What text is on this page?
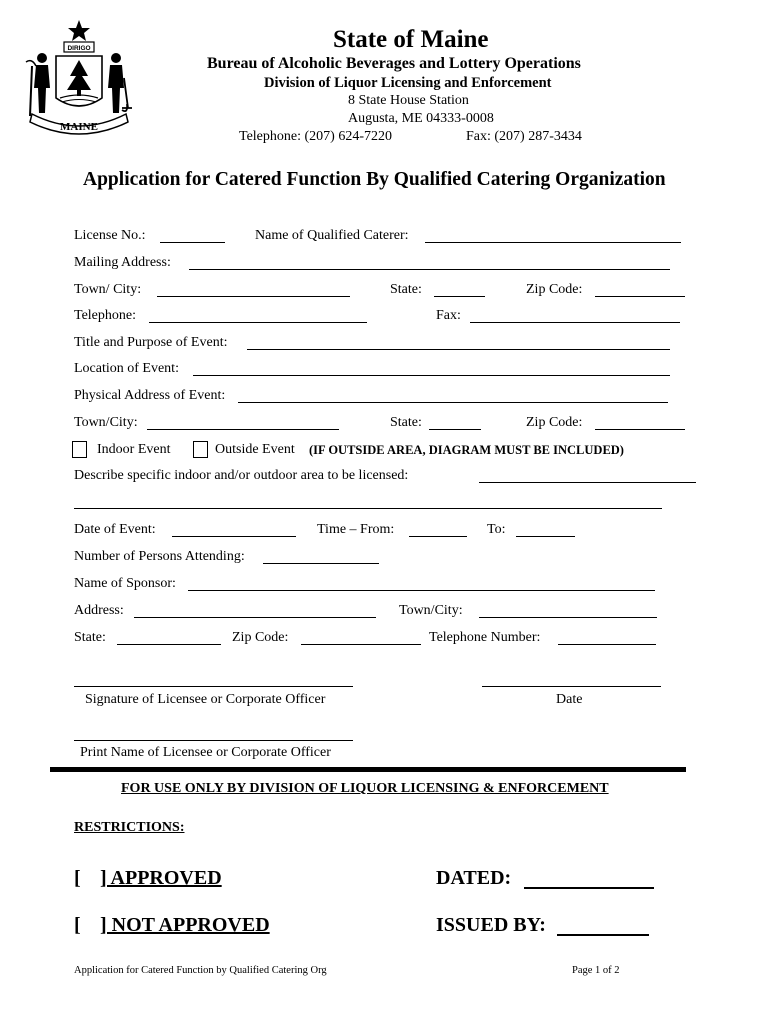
DIRIGO
MAINE
State of Maine
Bureau of Alcoholic Beverages and Lottery Operations
Division of Liquor Licensing and Enforcement
8 State House Station
Augusta, ME 04333-0008
Telephone: (207) 624-7220	Fax: (207) 287-3434
Application for Catered Function By Qualified Catering Organization
License No.:	Name of Qualified Caterer:
Mailing Address:
Town/ City:	State:	Zip Code:
Telephone:	Fax:
Title and Purpose of Event:
Location of Event:
Physical Address of Event:
Town/City:	State:	Zip Code:
Indoor Event	Outside Event (IF OUTSIDE AREA, DIAGRAM MUST BE INCLUDED)
Describe specific indoor and/or outdoor area to be licensed:
Date of Event:	Time – From:	To:
Number of Persons Attending:
Name of Sponsor:
Address:	Town/City:
State:	Zip Code:	Telephone Number:
Signature of Licensee or Corporate Officer	Date
Print Name of Licensee or Corporate Officer
FOR USE ONLY BY DIVISION OF LIQUOR LICENSING & ENFORCEMENT
RESTRICTIONS:
[ ] APPROVED	DATED:
[ ] NOT APPROVED	ISSUED BY:
Application for Catered Function by Qualified Catering Org	Page 1 of 2
